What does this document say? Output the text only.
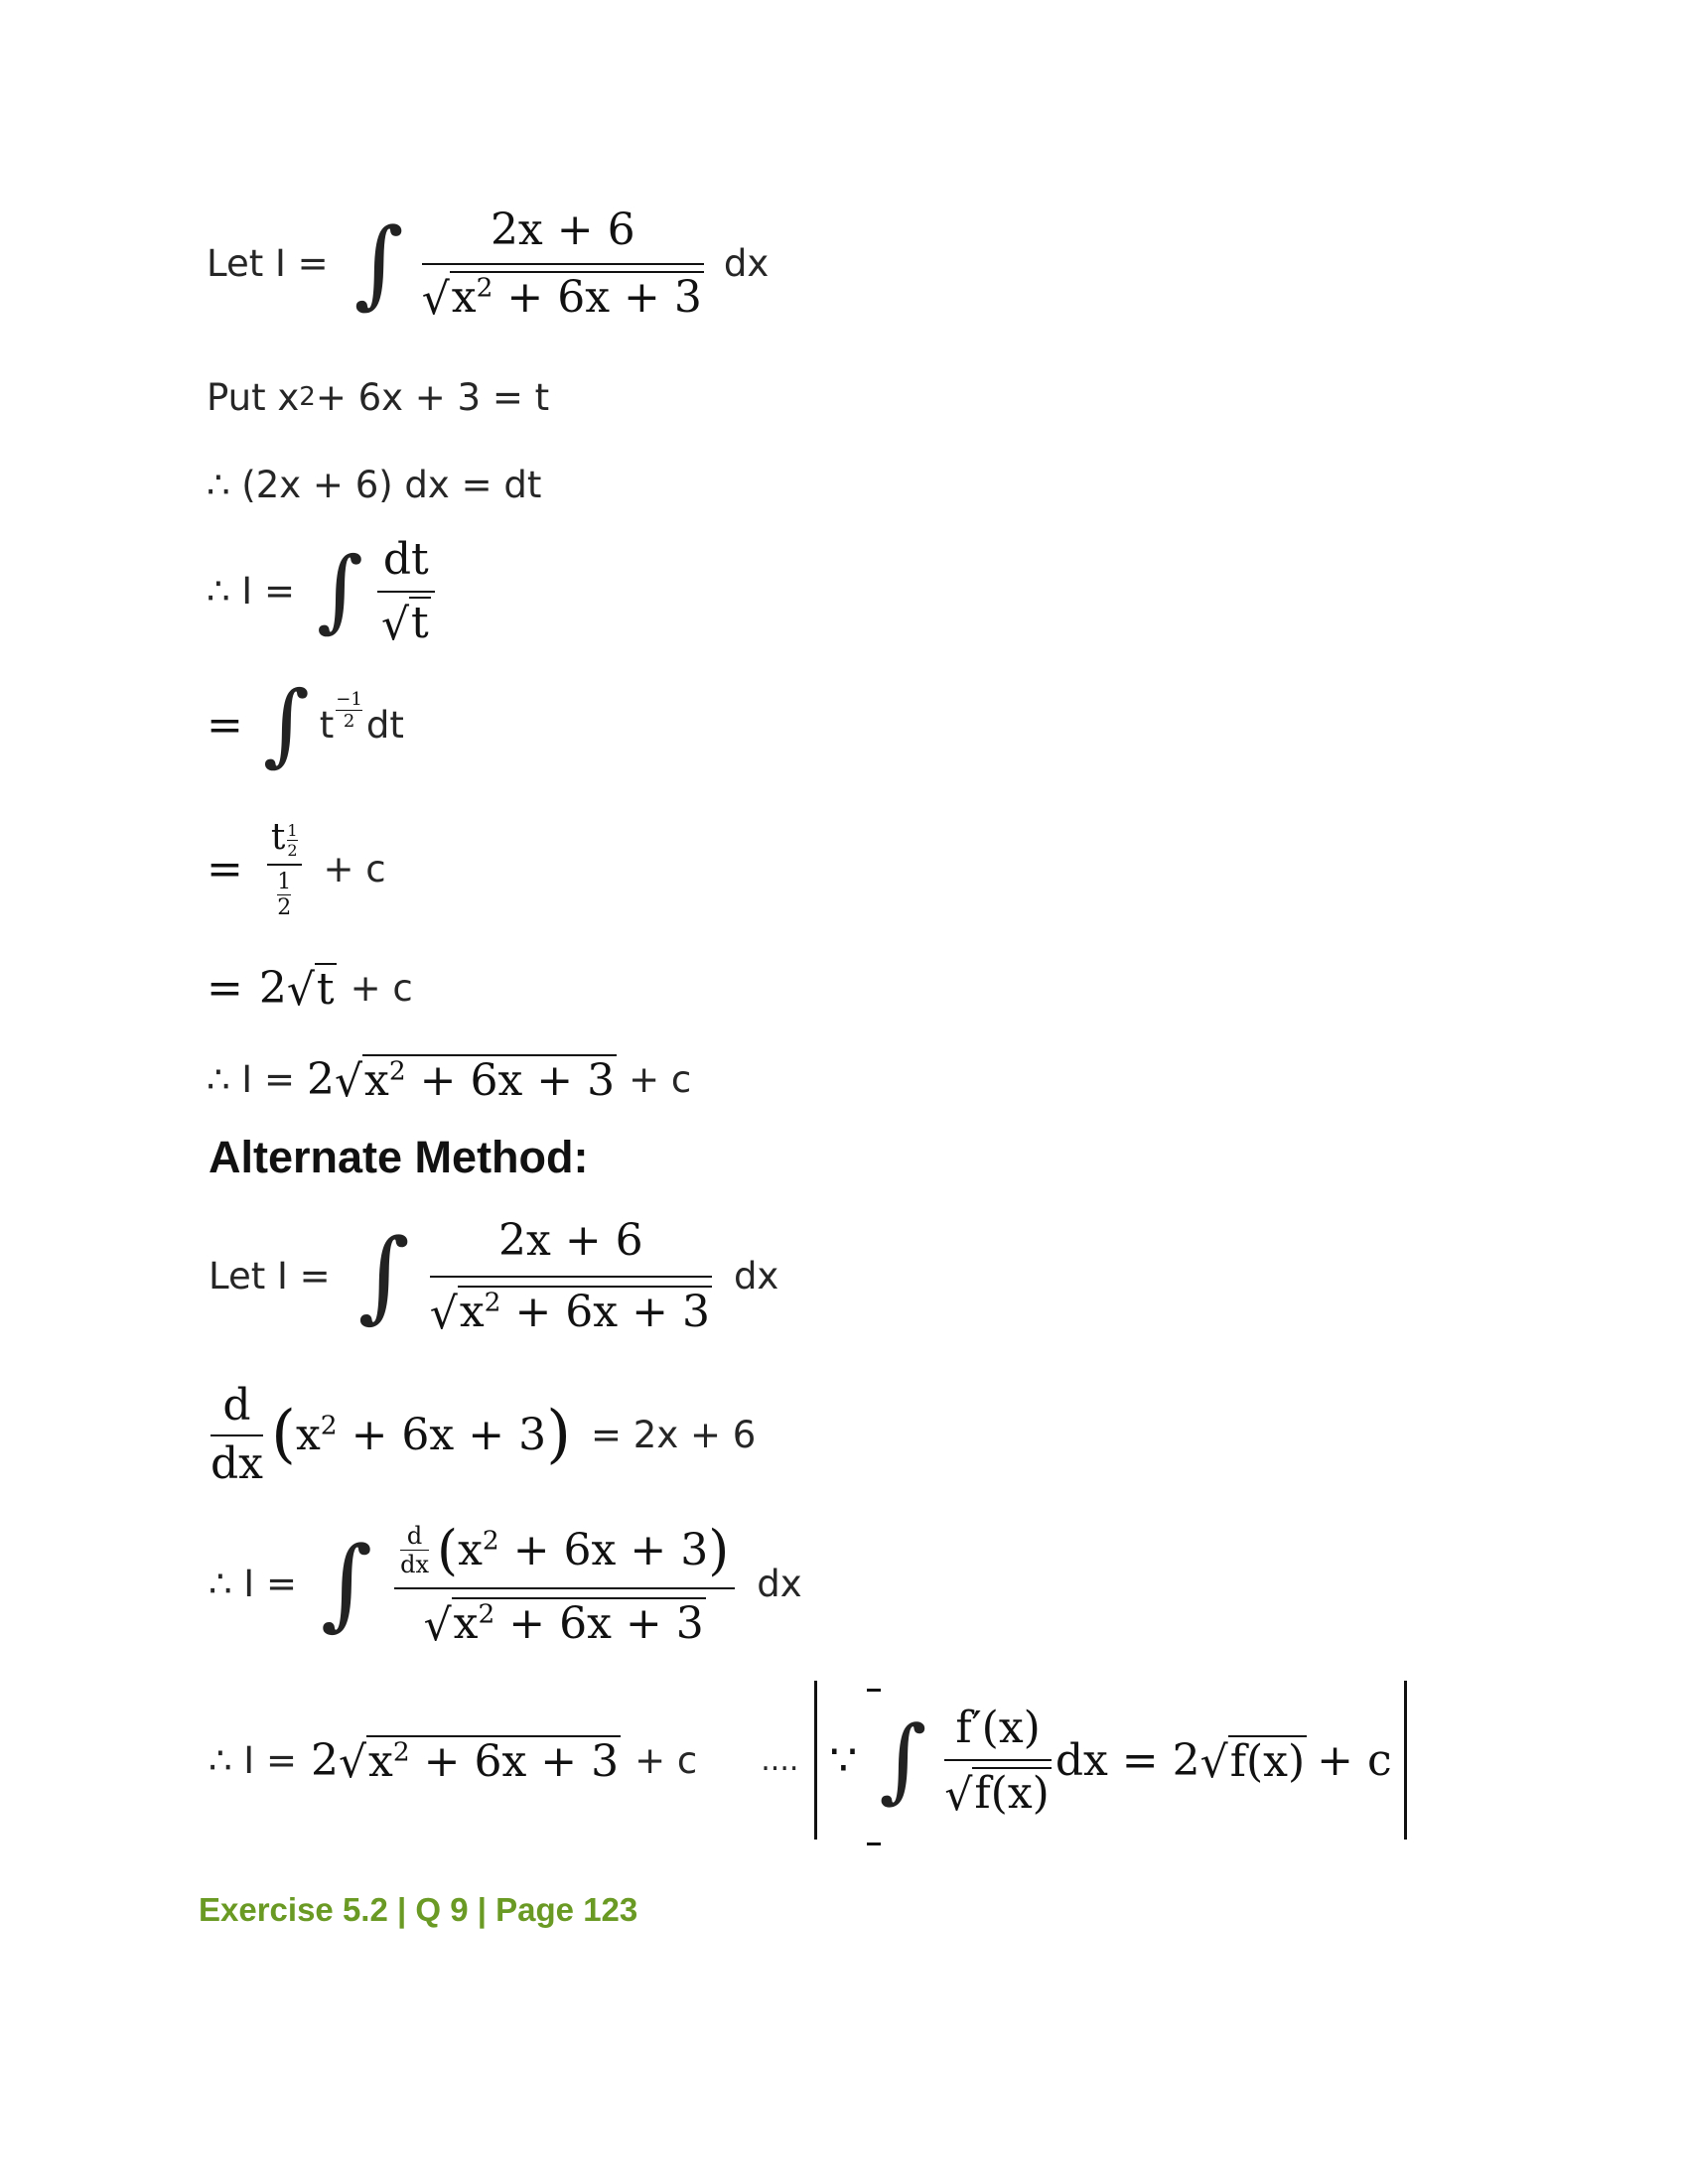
Let I = ∫ $\frac{2x + 6}{√ x^2 + 6x + 3}$ dx
Put x 2 + 6x + 3 = t
∴ (2x + 6) dx = dt
∴ I = ∫ $\frac{dt}{√ t}$
= ∫ t $\frac{-1}{2}$ dt
= $\frac{t \frac{1}{2}}{\frac{1}{2}} + c$
= 2 √ t + c
∴ I = 2 √ $x^2 + 6x + 3 + c$
Alternate Method:
Let I = ∫ $\frac{2x + 6}{√ x^2 + 6x + 3}$ dx
$\frac{d}{dx}$ ( $x^2 + 6x + 3$ ) = 2x + 6
∴ I = ∫ $\frac{d}{dx}$ ( $x^2 + 6x + 3$ )
√ $x^2 + 6x + 3$
dx
∴ I = 2 √ $x^2 + 6x + 3 + c$ .... ∵ ∫ $\frac{f'(x)}{√ f(x)}$ dx = 2 √ f(x) + c
Exercise 5.2 | Q 9 | Page 123
